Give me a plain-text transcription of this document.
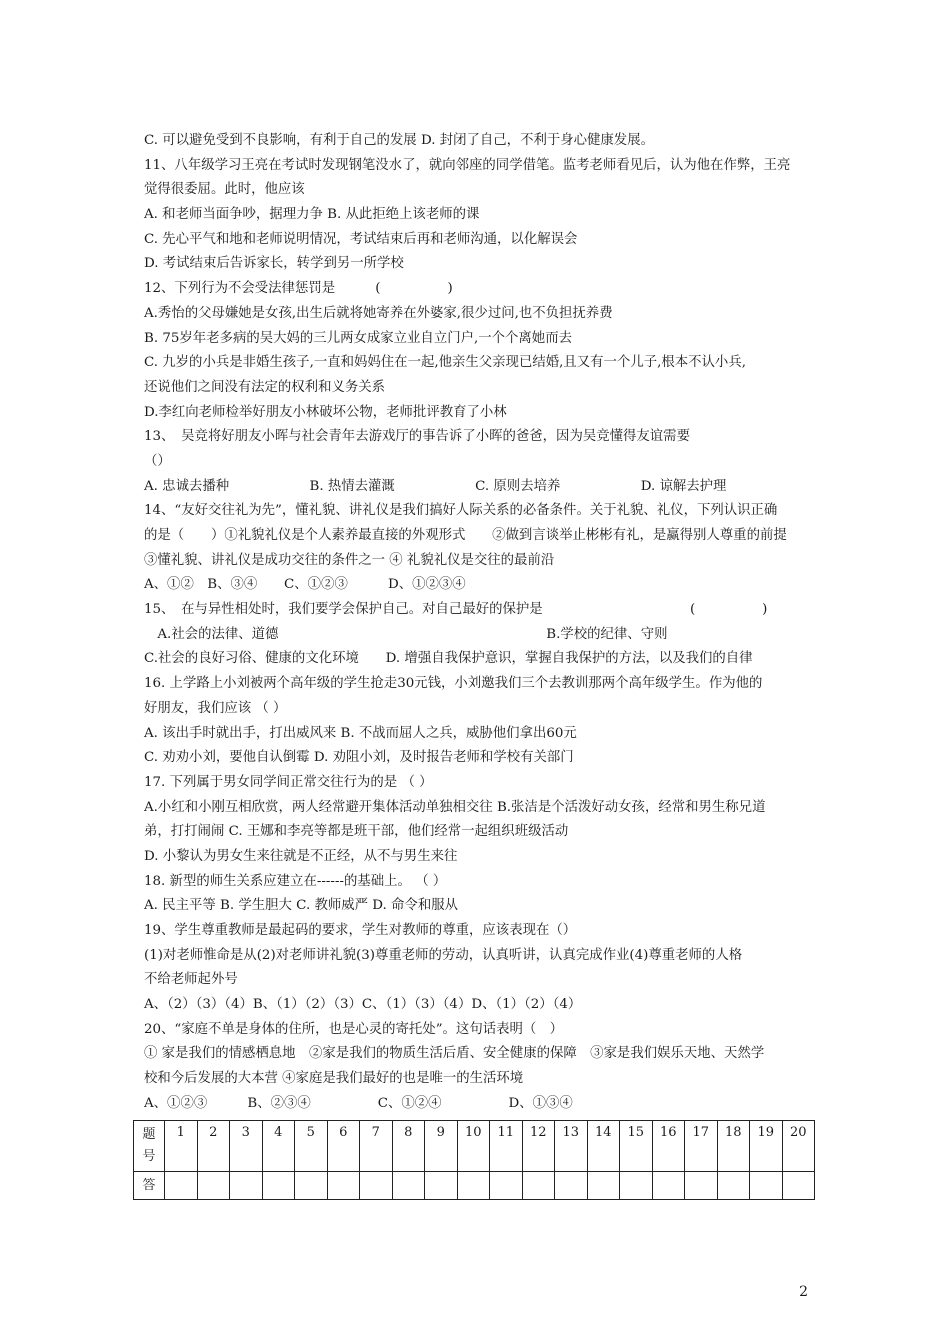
C. 可以避免受到不良影响，有利于自己的发展 D. 封闭了自己，不利于身心健康发展。
11、八年级学习王亮在考试时发现钢笔没水了，就向邻座的同学借笔。监考老师看见后，认为他在作弊，王亮
觉得很委屈。此时，他应该
A. 和老师当面争吵，据理力争 B. 从此拒绝上该老师的课
C. 先心平气和地和老师说明情况，考试结束后再和老师沟通，以化解误会
D. 考试结束后告诉家长，转学到另一所学校
12、下列行为不会受法律惩罚是　　　(　　　　　)
A.秀怡的父母嫌她是女孩,出生后就将她寄养在外婆家,很少过问,也不负担抚养费
B. 75岁年老多病的吴大妈的三儿两女成家立业自立门户,一个个离她而去
C. 九岁的小兵是非婚生孩子,一直和妈妈住在一起,他亲生父亲现已结婚,且又有一个儿子,根本不认小兵,
还说他们之间没有法定的权利和义务关系
D.李红向老师检举好朋友小林破坏公物，老师批评教育了小林
13、　吴竞将好朋友小晖与社会青年去游戏厅的事告诉了小晖的爸爸，因为吴竞懂得友谊需要
（）
A. 忠诚去播种　　　　　　B. 热情去灌溉　　　　　　C. 原则去培养　　　　　　D. 谅解去护理
14、“友好交往礼为先”，懂礼貌、讲礼仪是我们搞好人际关系的必备条件。关于礼貌、礼仪，下列认识正确
的是（　　）①礼貌礼仪是个人素养最直接的外观形式　　②做到言谈举止彬彬有礼，是赢得别人尊重的前提
③懂礼貌、讲礼仪是成功交往的条件之一 ④ 礼貌礼仪是交往的最前沿
A、①②　B、③④　　C、①②③　　　D、①②③④
15、　在与异性相处时，我们要学会保护自己。对自己最好的保护是　　　　　　　　　　　(　　　　　)
　A.社会的法律、道德　　　　　　　　　　　　　　　　　　　　B.学校的纪律、守则
C.社会的良好习俗、健康的文化环境　　D. 增强自我保护意识，掌握自我保护的方法，以及我们的自律
16. 上学路上小刘被两个高年级的学生抢走30元钱，小刘邀我们三个去教训那两个高年级学生。作为他的
好朋友，我们应该 （ ）
A. 该出手时就出手，打出威风来 B. 不战而屈人之兵，威胁他们拿出60元
C. 劝劝小刘，要他自认倒霉 D. 劝阻小刘，及时报告老师和学校有关部门
17. 下列属于男女同学间正常交往行为的是 （ ）
A.小红和小刚互相欣赏，两人经常避开集体活动单独相交往 B.张洁是个活泼好动女孩，经常和男生称兄道
弟，打打闹闹 C. 王娜和李亮等都是班干部，他们经常一起组织班级活动
D. 小黎认为男女生来往就是不正经，从不与男生来往
18. 新型的师生关系应建立在------的基础上。 （ ）
A. 民主平等 B. 学生胆大 C. 教师威严 D. 命令和服从
19、学生尊重教师是最起码的要求，学生对教师的尊重，应该表现在（）
(1)对老师惟命是从(2)对老师讲礼貌(3)尊重老师的劳动，认真听讲，认真完成作业(4)尊重老师的人格
不给老师起外号
A、（2）（3）（4）B、（1）（2）（3）C、（1）（3）（4）D、（1）（2）（4）
20、“家庭不单是身体的住所，也是心灵的寄托处”。这句话表明（　）
① 家是我们的情感栖息地　②家是我们的物质生活后盾、安全健康的保障　③家是我们娱乐天地、天然学
校和今后发展的大本营 ④家庭是我们最好的也是唯一的生活环境
A、①②③　　　B、②③④　　　　　C、①②④　　　　　D、①③④
题号	1	2	3	4	5	6	7	8	9	10	11	12	13	14	15	16	17	18	19	20
答																				
2
